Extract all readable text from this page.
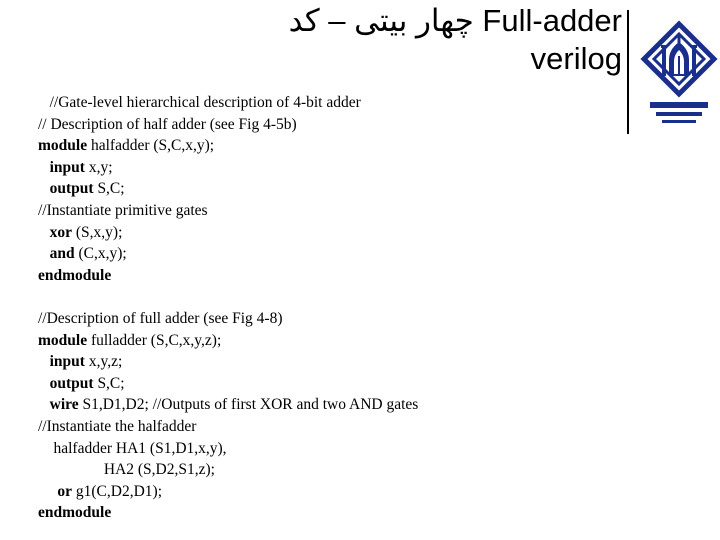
چهار بیتی – کد Full-adder
verilog
//Gate-level hierarchical description of 4-bit adder
// Description of half adder (see Fig 4-5b)
module halfadder (S,C,x,y);
input x,y;
output S,C;
//Instantiate primitive gates
xor (S,x,y);
and (C,x,y);
endmodule
//Description of full adder (see Fig 4-8)
module fulladder (S,C,x,y,z);
input x,y,z;
output S,C;
wire S1,D1,D2; //Outputs of first XOR and two AND gates
//Instantiate the halfadder
halfadder HA1 (S1,D1,x,y),
HA2 (S,D2,S1,z);
or g1(C,D2,D1);
endmodule
